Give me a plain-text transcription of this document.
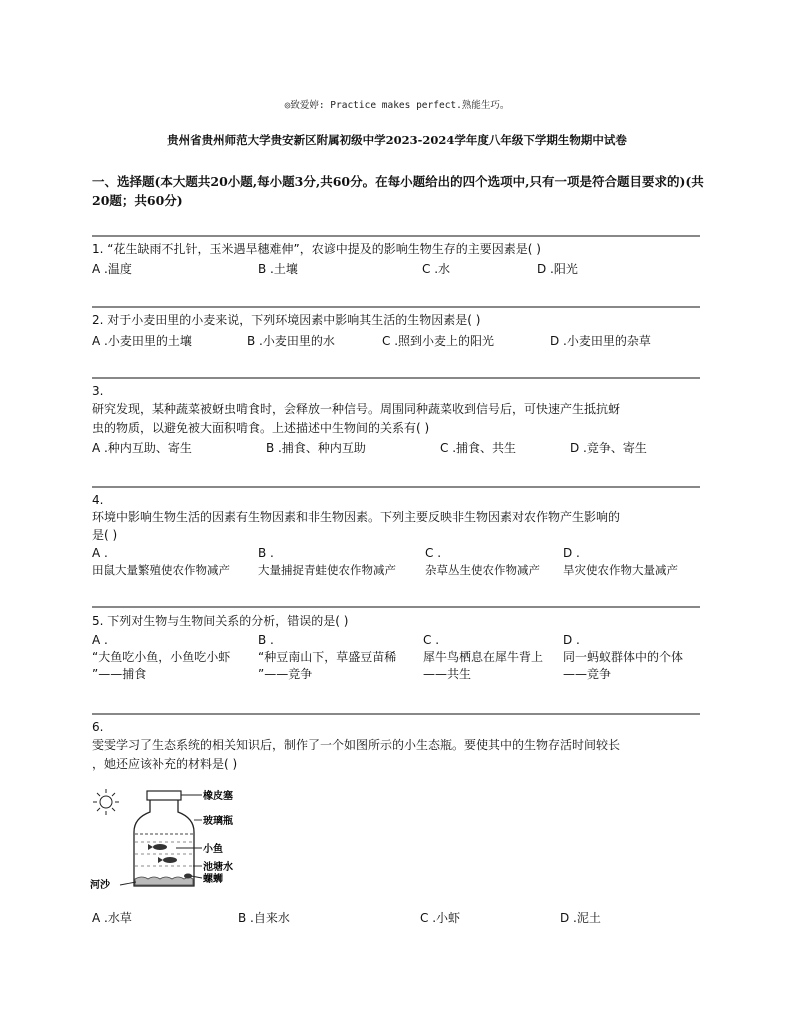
◎致爱婷: Practice makes perfect.熟能生巧。
贵州省贵州师范大学贵安新区附属初级中学2023-2024学年度八年级下学期生物期中试卷
一、选择题(本大题共20小题,每小题3分,共60分。在每小题给出的四个选项中,只有一项是符合题目要求的)(共20题；共60分)
1. “花生缺雨不扎针，玉米遇旱穗难伸”，农谚中提及的影响生物生存的主要因素是( )
A .温度	B .土壤	C .水	D .阳光
2. 对于小麦田里的小麦来说，下列环境因素中影响其生活的生物因素是( )
A .小麦田里的土壤	B .小麦田里的水	C .照到小麦上的阳光	D .小麦田里的杂草
3.
研究发现，某种蔬菜被蚜虫啃食时，会释放一种信号。周围同种蔬菜收到信号后，可快速产生抵抗蚜
虫的物质，以避免被大面积啃食。上述描述中生物间的关系有( )
A .种内互助、寄生	B .捕食、种内互助	C .捕食、共生	D .竞争、寄生
4.
环境中影响生物生活的因素有生物因素和非生物因素。下列主要反映非生物因素对农作物产生影响的
是( )
A .
田鼠大量繁殖使农作物减产
B .
大量捕捉青蛙使农作物减产
C .
杂草丛生使农作物减产
D .
旱灾使农作物大量减产
5. 下列对生物与生物间关系的分析，错误的是( )
A .
“大鱼吃小鱼，小鱼吃小虾
”——捕食
B .
“种豆南山下，草盛豆苗稀
”——竞争
C .
犀牛鸟栖息在犀牛背上
——共生
D .
同一蚂蚁群体中的个体
——竞争
6.
雯雯学习了生态系统的相关知识后，制作了一个如图所示的小生态瓶。要使其中的生物存活时间较长
，她还应该补充的材料是( )
橡皮塞
玻璃瓶
小鱼
池塘水
螺蛳
河沙
A .水草	B .自来水	C .小虾	D .泥土
